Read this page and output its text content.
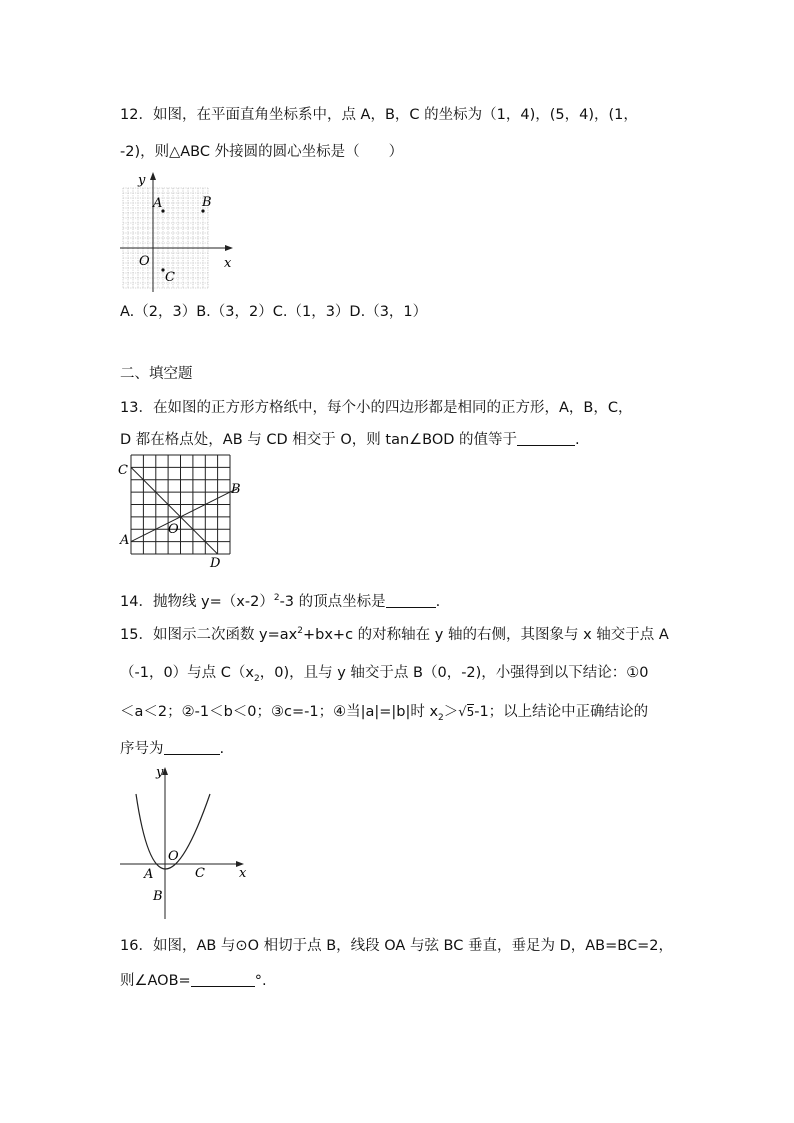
12．如图，在平面直角坐标系中，点 A，B，C 的坐标为（1，4)，(5，4)，(1，
-2)，则△ABC 外接圆的圆心坐标是（　　）
y
x
O
A	B
C
A.（2，3）B.（3，2）C.（1，3）D.（3，1）
二、填空题
13．在如图的正方形方格纸中，每个小的四边形都是相同的正方形，A，B，C，
D 都在格点处，AB 与 CD 相交于 O，则 tan∠BOD 的值等于	.
C
B
A
D
O
14．抛物线 $y=(x-2)^2-3$ 的顶点坐标是	.
15．如图示二次函数 $y=ax^2+bx+c$ 的对称轴在 y 轴的右侧，其图象与 x 轴交于点 A
（-1，0）与点 $C(x_2$，0)，且与 y 轴交于点 B（0，-2)，小强得到以下结论：①0
＜a＜2；②-1＜b＜0；③c=-1；④当|a|=|b|时 $x_2>√5-1$；以上结论中正确结论的
序号为	.
y
x
O
A	C
B
16．如图，AB 与⊙O 相切于点 B，线段 OA 与弦 BC 垂直，垂足为 D，AB=BC=2，
则∠AOB=	°.
